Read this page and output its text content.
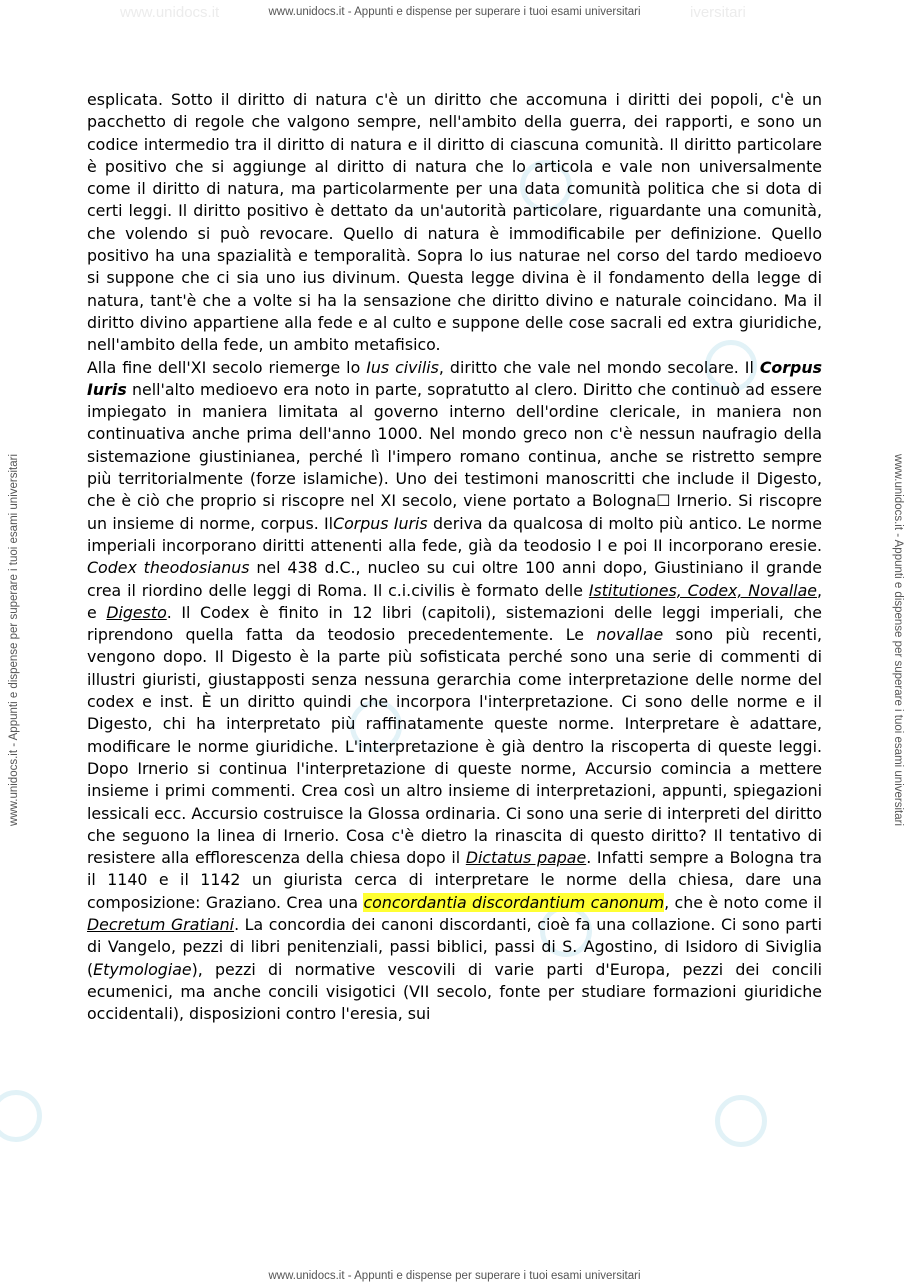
www.unidocs.it	iversitari
www.unidocs.it - Appunti e dispense per superare i tuoi esami universitari
www.unidocs.it - Appunti e dispense per superare i tuoi esami universitari	www.unidocs.it - Appunti e dispense per superare i tuoi esami universitari

esplicata. Sotto il diritto di natura c'è un diritto che accomuna i diritti dei popoli, c'è un pacchetto di regole che valgono sempre, nell'ambito della guerra, dei rapporti, e sono un codice intermedio tra il diritto di natura e il diritto di ciascuna comunità. Il diritto particolare è positivo che si aggiunge al diritto di natura che lo articola e vale non universalmente come il diritto di natura, ma particolarmente per una data comunità politica che si dota di certi leggi. Il diritto positivo è dettato da un'autorità particolare, riguardante una comunità, che volendo si può revocare. Quello di natura è immodificabile per definizione. Quello positivo ha una spazialità e temporalità. Sopra lo ius naturae nel corso del tardo medioevo si suppone che ci sia uno ius divinum. Questa legge divina è il fondamento della legge di natura, tant'è che a volte si ha la sensazione che diritto divino e naturale coincidano. Ma il diritto divino appartiene alla fede e al culto e suppone delle cose sacrali ed extra giuridiche, nell'ambito della fede, un ambito metafisico.

Alla fine dell'XI secolo riemerge lo Ius civilis, diritto che vale nel mondo secolare. Il Corpus Iuris nell'alto medioevo era noto in parte, sopratutto al clero. Diritto che continuò ad essere impiegato in maniera limitata al governo interno dell'ordine clericale, in maniera non continuativa anche prima dell'anno 1000. Nel mondo greco non c'è nessun naufragio della sistemazione giustinianea, perché lì l'impero romano continua, anche se ristretto sempre più territorialmente (forze islamiche). Uno dei testimoni manoscritti che include il Digesto, che è ciò che proprio si riscopre nel XI secolo, viene portato a Bologna☐ Irnerio. Si riscopre un insieme di norme, corpus. IlCorpus Iuris deriva da qualcosa di molto più antico. Le norme imperiali incorporano diritti attenenti alla fede, già da teodosio I e poi II incorporano eresie. Codex theodosianus nel 438 d.C., nucleo su cui oltre 100 anni dopo, Giustiniano il grande crea il riordino delle leggi di Roma. Il c.i.civilis è formato delle Istitutiones, Codex, Novallae, e Digesto. Il Codex è finito in 12 libri (capitoli), sistemazioni delle leggi imperiali, che riprendono quella fatta da teodosio precedentemente. Le novallae sono più recenti, vengono dopo. Il Digesto è la parte più sofisticata perché sono una serie di commenti di illustri giuristi, giustapposti senza nessuna gerarchia come interpretazione delle norme del codex e inst. È un diritto quindi che incorpora l'interpretazione. Ci sono delle norme e il Digesto, chi ha interpretato più raffinatamente queste norme. Interpretare è adattare, modificare le norme giuridiche. L'interpretazione è già dentro la riscoperta di queste leggi. Dopo Irnerio si continua l'interpretazione di queste norme, Accursio comincia a mettere insieme i primi commenti. Crea così un altro insieme di interpretazioni, appunti, spiegazioni lessicali ecc. Accursio costruisce la Glossa ordinaria. Ci sono una serie di interpreti del diritto che seguono la linea di Irnerio. Cosa c'è dietro la rinascita di questo diritto? Il tentativo di resistere alla efflorescenza della chiesa dopo il Dictatus papae. Infatti sempre a Bologna tra il 1140 e il 1142 un giurista cerca di interpretare le norme della chiesa, dare una composizione: Graziano. Crea una concordantia discordantium canonum, che è noto come il Decretum Gratiani. La concordia dei canoni discordanti, cioè fa una collazione. Ci sono parti di Vangelo, pezzi di libri penitenziali, passi biblici, passi di S. Agostino, di Isidoro di Siviglia (Etymologiae), pezzi di normative vescovili di varie parti d'Europa, pezzi dei concili ecumenici, ma anche concili visigotici (VII secolo, fonte per studiare formazioni giuridiche occidentali), disposizioni contro l'eresia, sui

www.unidocs.it - Appunti e dispense per superare i tuoi esami universitari
